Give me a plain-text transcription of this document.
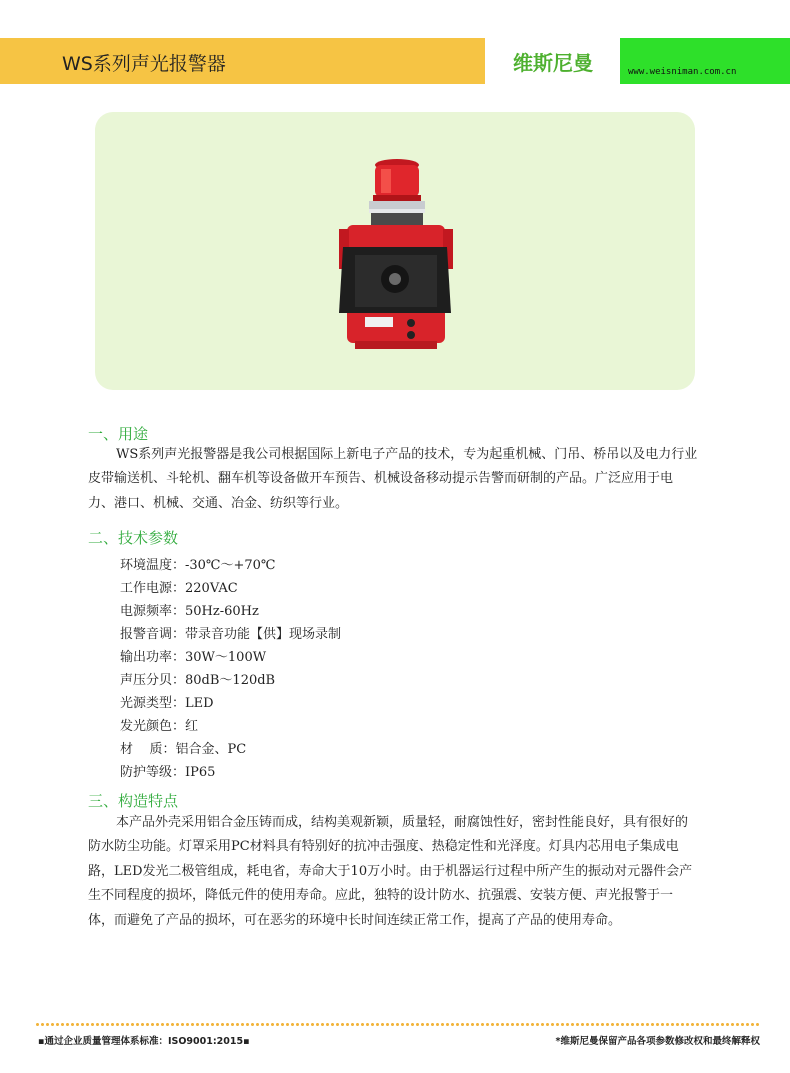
WS系列声光报警器	维斯尼曼	www.weisniman.com.cn
一、用途

WS系列声光报警器是我公司根据国际上新电子产品的技术，专为起重机械、门吊、桥吊以及电力行业皮带输送机、斗轮机、翻车机等设备做开车预告、机械设备移动提示告警而研制的产品。广泛应用于电力、港口、机械、交通、冶金、纺织等行业。

二、技术参数
环境温度：-30℃～+70℃
工作电源：220VAC
电源频率：50Hz-60Hz
报警音调：带录音功能【供】现场录制
输出功率：30W～100W
声压分贝：80dB～120dB
光源类型：LED
发光颜色：红
材    质：铝合金、PC
防护等级：IP65
三、构造特点

本产品外壳采用铝合金压铸而成，结构美观新颖，质量轻，耐腐蚀性好，密封性能良好，具有很好的防水防尘功能。灯罩采用PC材料具有特别好的抗冲击强度、热稳定性和光泽度。灯具内芯用电子集成电路，LED发光二极管组成，耗电省，寿命大于10万小时。由于机器运行过程中所产生的振动对元器件会产生不同程度的损坏，降低元件的使用寿命。应此，独特的设计防水、抗强震、安装方便、声光报警于一体，而避免了产品的损坏，可在恶劣的环境中长时间连续正常工作，提高了产品的使用寿命。

▪通过企业质量管理体系标准：ISO9001:2015▪	*维斯尼曼保留产品各项参数修改权和最终解释权
